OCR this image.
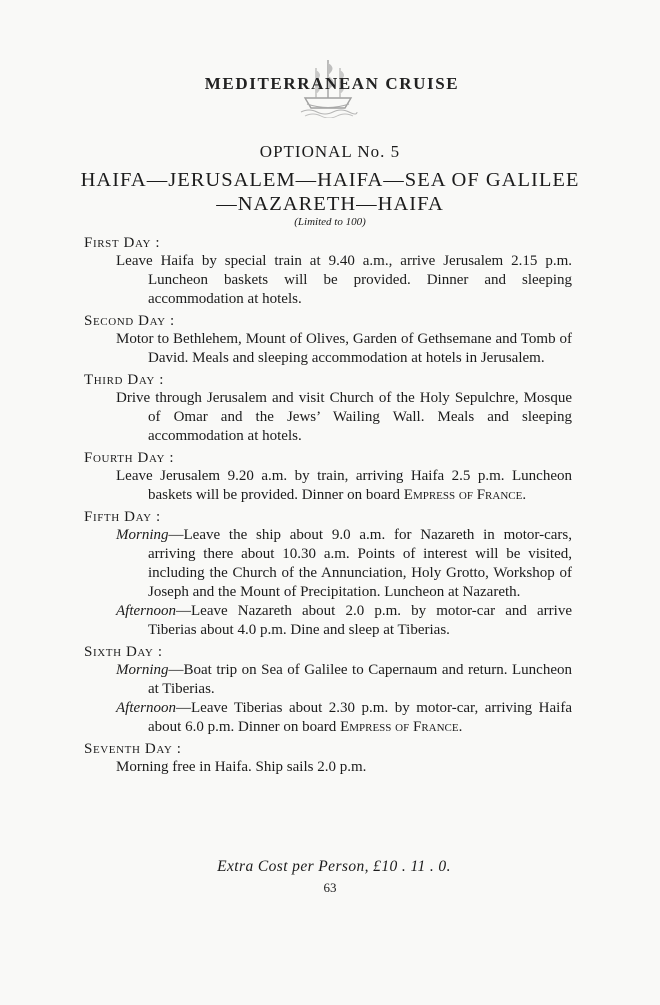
MEDITERRANEAN CRUISE
OPTIONAL No. 5
HAIFA—JERUSALEM—HAIFA—SEA OF GALILEE
—NAZARETH—HAIFA
(Limited to 100)
First Day :
Leave Haifa by special train at 9.40 a.m., arrive Jerusalem 2.15 p.m. Luncheon baskets will be provided. Dinner and sleeping accommodation at hotels.
Second Day :
Motor to Bethlehem, Mount of Olives, Garden of Gethsemane and Tomb of David. Meals and sleeping accommodation at hotels in Jerusalem.
Third Day :
Drive through Jerusalem and visit Church of the Holy Sepulchre, Mosque of Omar and the Jews’ Wailing Wall. Meals and sleeping accommodation at hotels.
Fourth Day :
Leave Jerusalem 9.20 a.m. by train, arriving Haifa 2.5 p.m. Luncheon baskets will be provided. Dinner on board Empress of France.
Fifth Day :
Morning—Leave the ship about 9.0 a.m. for Nazareth in motor-cars, arriving there about 10.30 a.m. Points of interest will be visited, including the Church of the Annunciation, Holy Grotto, Workshop of Joseph and the Mount of Precipitation. Luncheon at Nazareth.
Afternoon—Leave Nazareth about 2.0 p.m. by motor-car and arrive Tiberias about 4.0 p.m. Dine and sleep at Tiberias.
Sixth Day :
Morning—Boat trip on Sea of Galilee to Capernaum and return. Luncheon at Tiberias.
Afternoon—Leave Tiberias about 2.30 p.m. by motor-car, arriving Haifa about 6.0 p.m. Dinner on board Empress of France.
Seventh Day :
Morning free in Haifa. Ship sails 2.0 p.m.
Extra Cost per Person, £10 . 11 . 0.
63
